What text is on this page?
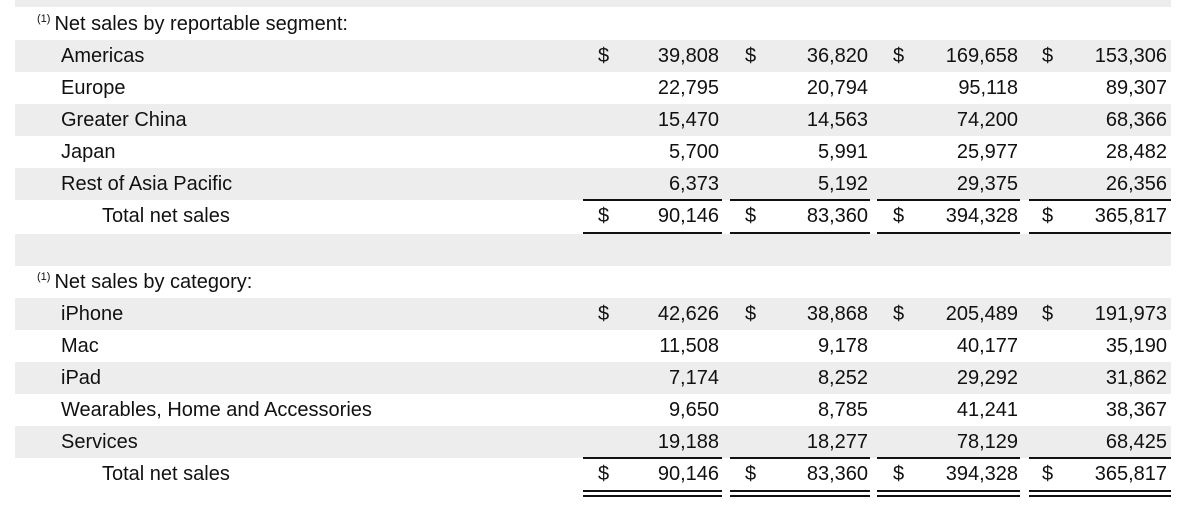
$^{(1)}$ Net sales by reportable segment:
Americas	$	39,808 $	36,820 $	169,658 $	153,306
Europe	22,795	20,794	95,118	89,307
Greater China	15,470	14,563	74,200	68,366
Japan	5,700	5,991	25,977	28,482
Rest of Asia Pacific	6,373	5,192	29,375	26,356
Total net sales	$	90,146 $	83,360 $	394,328 $	365,817
$^{(1)}$ Net sales by category:
iPhone	$	42,626 $	38,868 $	205,489 $	191,973
Mac	11,508	9,178	40,177	35,190
iPad	7,174	8,252	29,292	31,862
Wearables, Home and Accessories	9,650	8,785	41,241	38,367
Services	19,188	18,277	78,129	68,425
Total net sales	$	90,146 $	83,360 $	394,328 $	365,817
